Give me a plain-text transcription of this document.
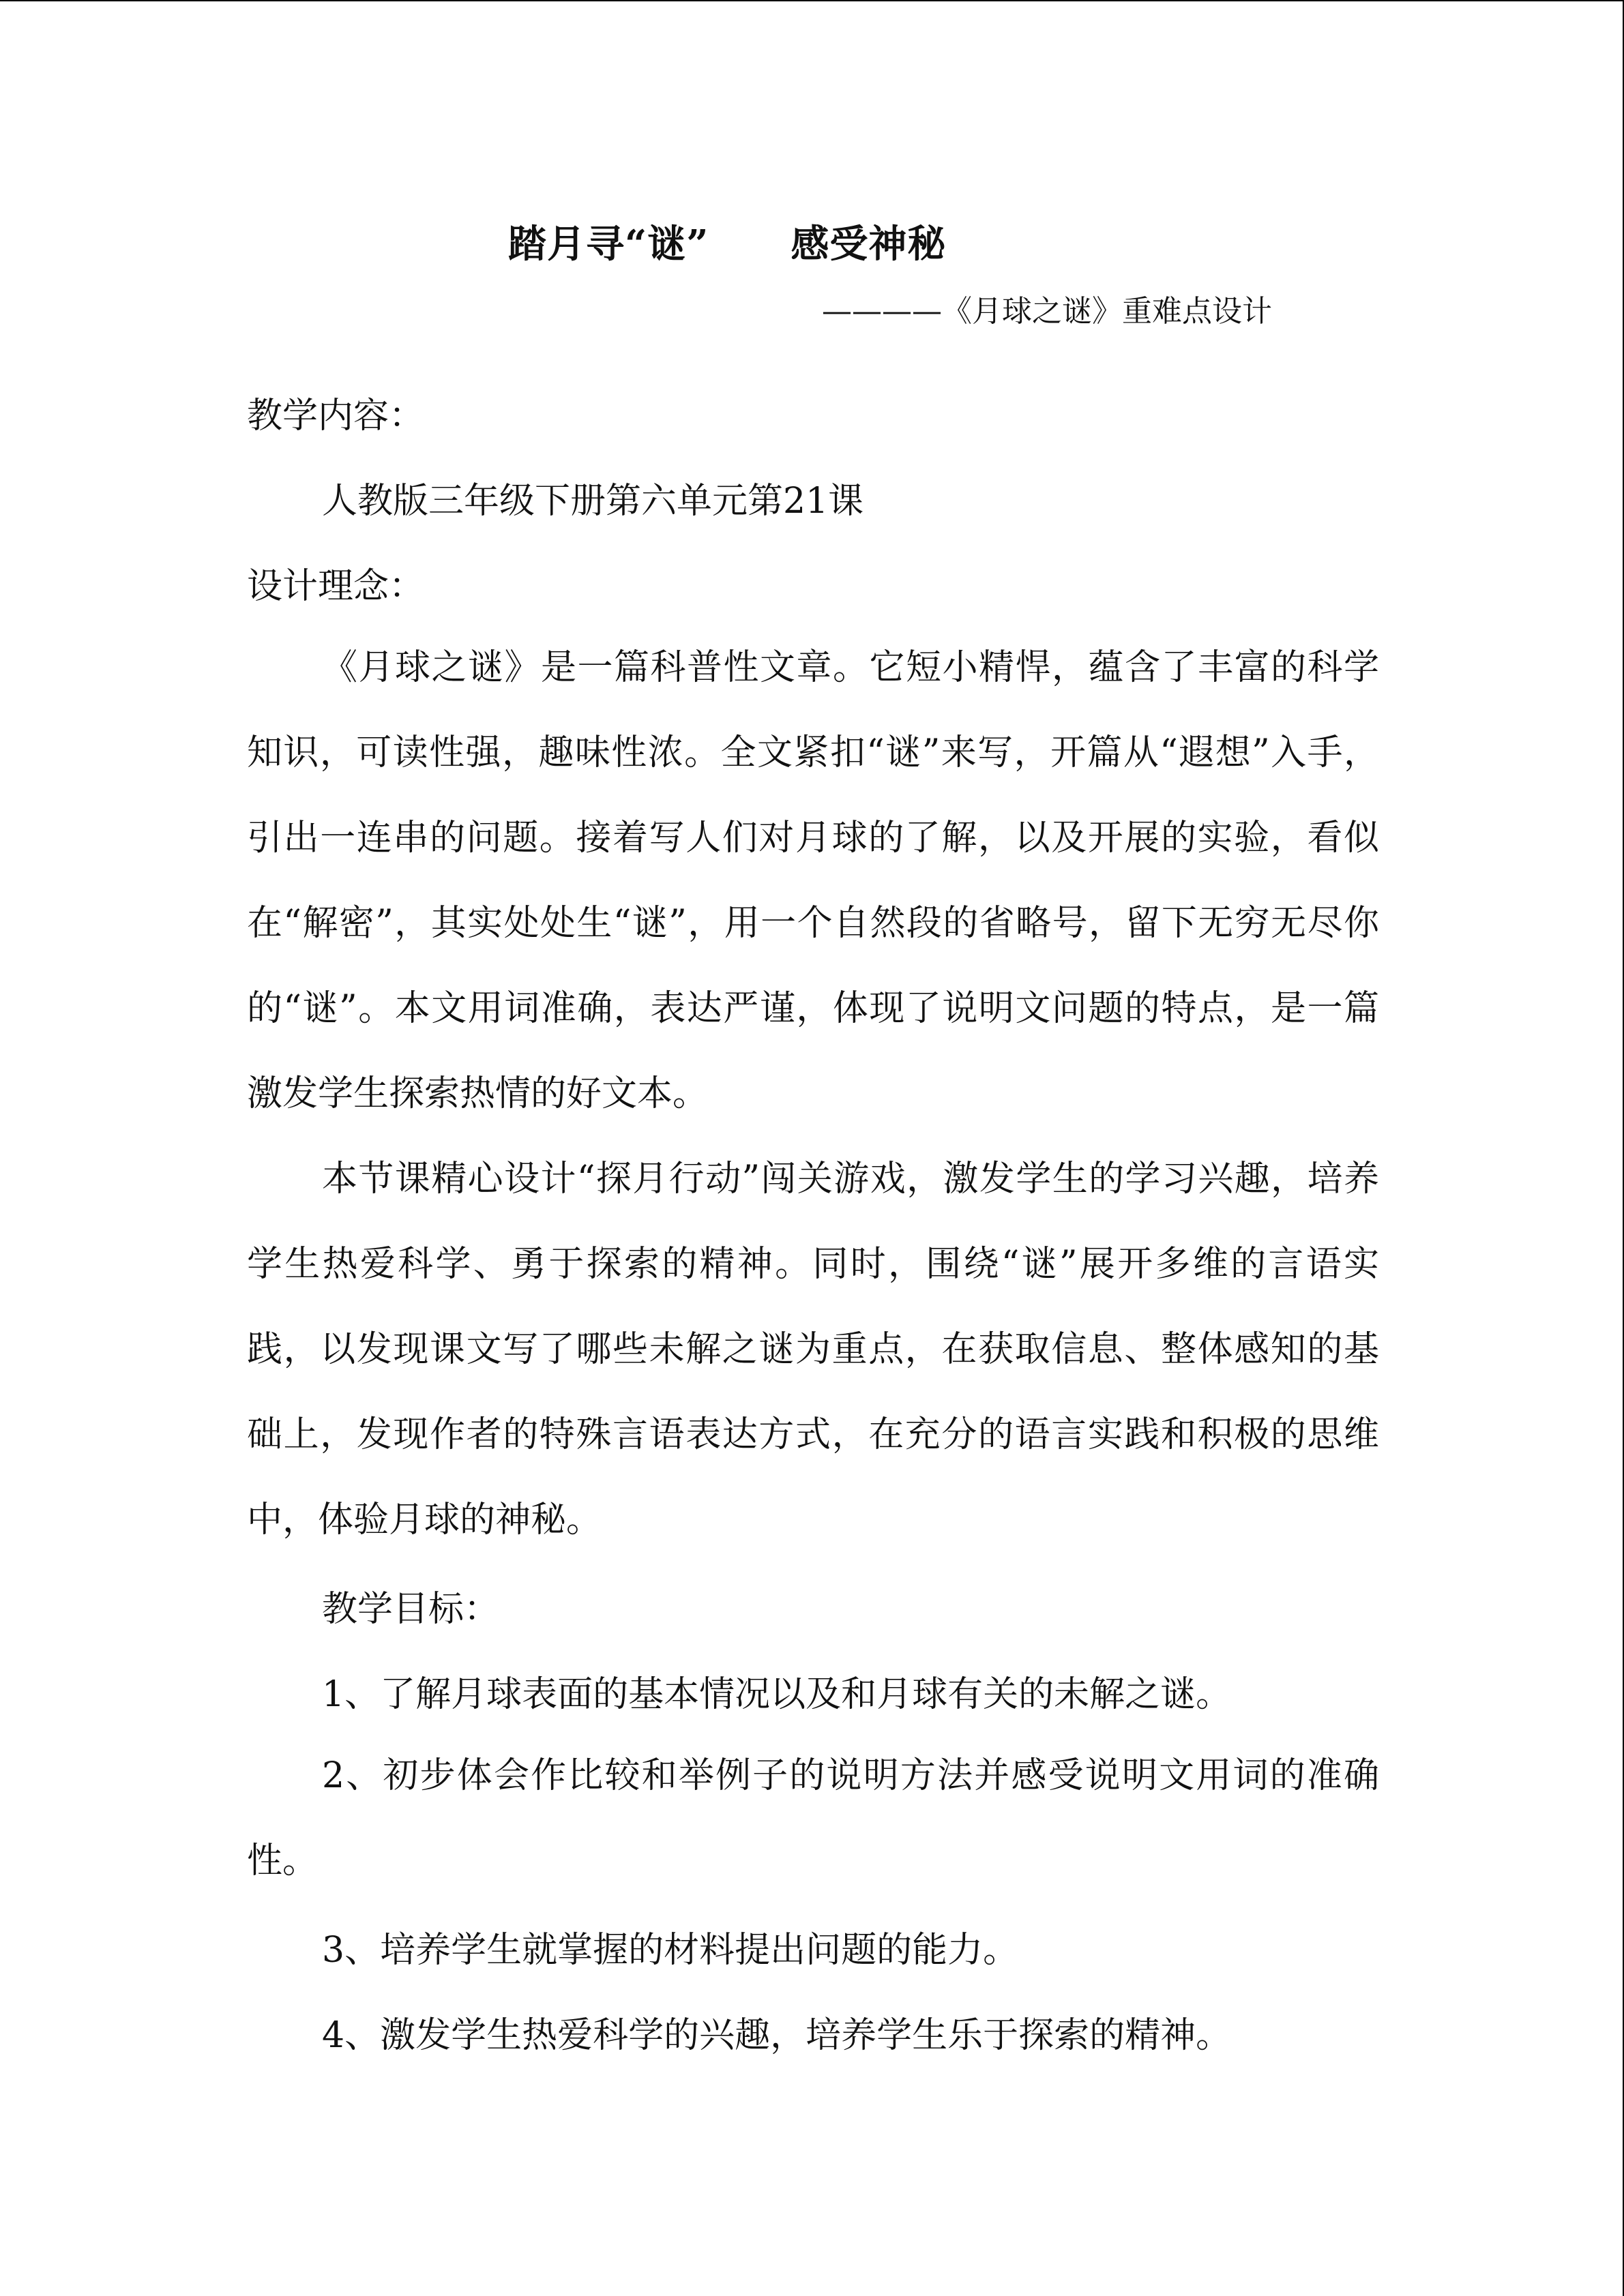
踏月寻“谜” 感受神秘
————《月球之谜》重难点设计
教学内容：
人教版三年级下册第六单元第21课
设计理念：

《月球之谜》是一篇科普性文章。它短小精悍，蕴含了丰富的科学知识，可读性强，趣味性浓。全文紧扣“谜”来写，开篇从“遐想”入手，引出一连串的问题。接着写人们对月球的了解，以及开展的实验，看似在“解密”，其实处处生“谜”，用一个自然段的省略号，留下无穷无尽你的“谜”。本文用词准确，表达严谨，体现了说明文问题的特点，是一篇激发学生探索热情的好文本。

本节课精心设计“探月行动”闯关游戏，激发学生的学习兴趣，培养学生热爱科学、勇于探索的精神。同时，围绕“谜”展开多维的言语实践，以发现课文写了哪些未解之谜为重点，在获取信息、整体感知的基础上，发现作者的特殊言语表达方式，在充分的语言实践和积极的思维中，体验月球的神秘。

教学目标：
1、了解月球表面的基本情况以及和月球有关的未解之谜。

2、初步体会作比较和举例子的说明方法并感受说明文用词的准确性。

3、培养学生就掌握的材料提出问题的能力。
4、激发学生热爱科学的兴趣，培养学生乐于探索的精神。
